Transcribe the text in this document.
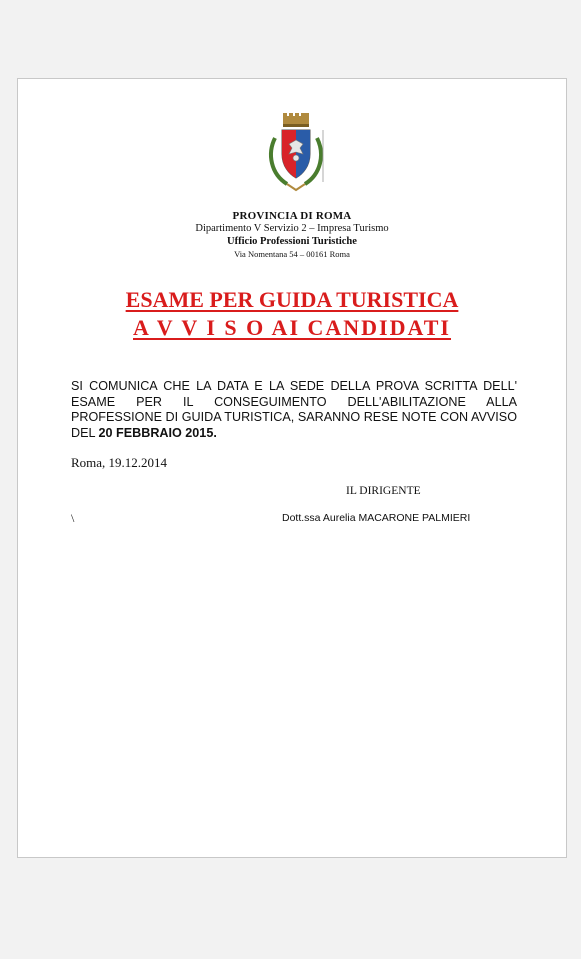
PROVINCIA DI ROMA
Dipartimento V Servizio 2 – Impresa Turismo
Ufficio Professioni Turistiche
Via Nomentana 54 – 00161 Roma
ESAME PER GUIDA TURISTICA
A V V I S O AI CANDIDATI
SI COMUNICA CHE LA DATA E LA SEDE DELLA PROVA SCRITTA DELL' ESAME PER IL CONSEGUIMENTO DELL'ABILITAZIONE ALLA PROFESSIONE DI GUIDA TURISTICA, SARANNO RESE NOTE CON AVVISO DEL 20 FEBBRAIO 2015.
Roma, 19.12.2014
IL DIRIGENTE
\	Dott.ssa Aurelia MACARONE PALMIERI
